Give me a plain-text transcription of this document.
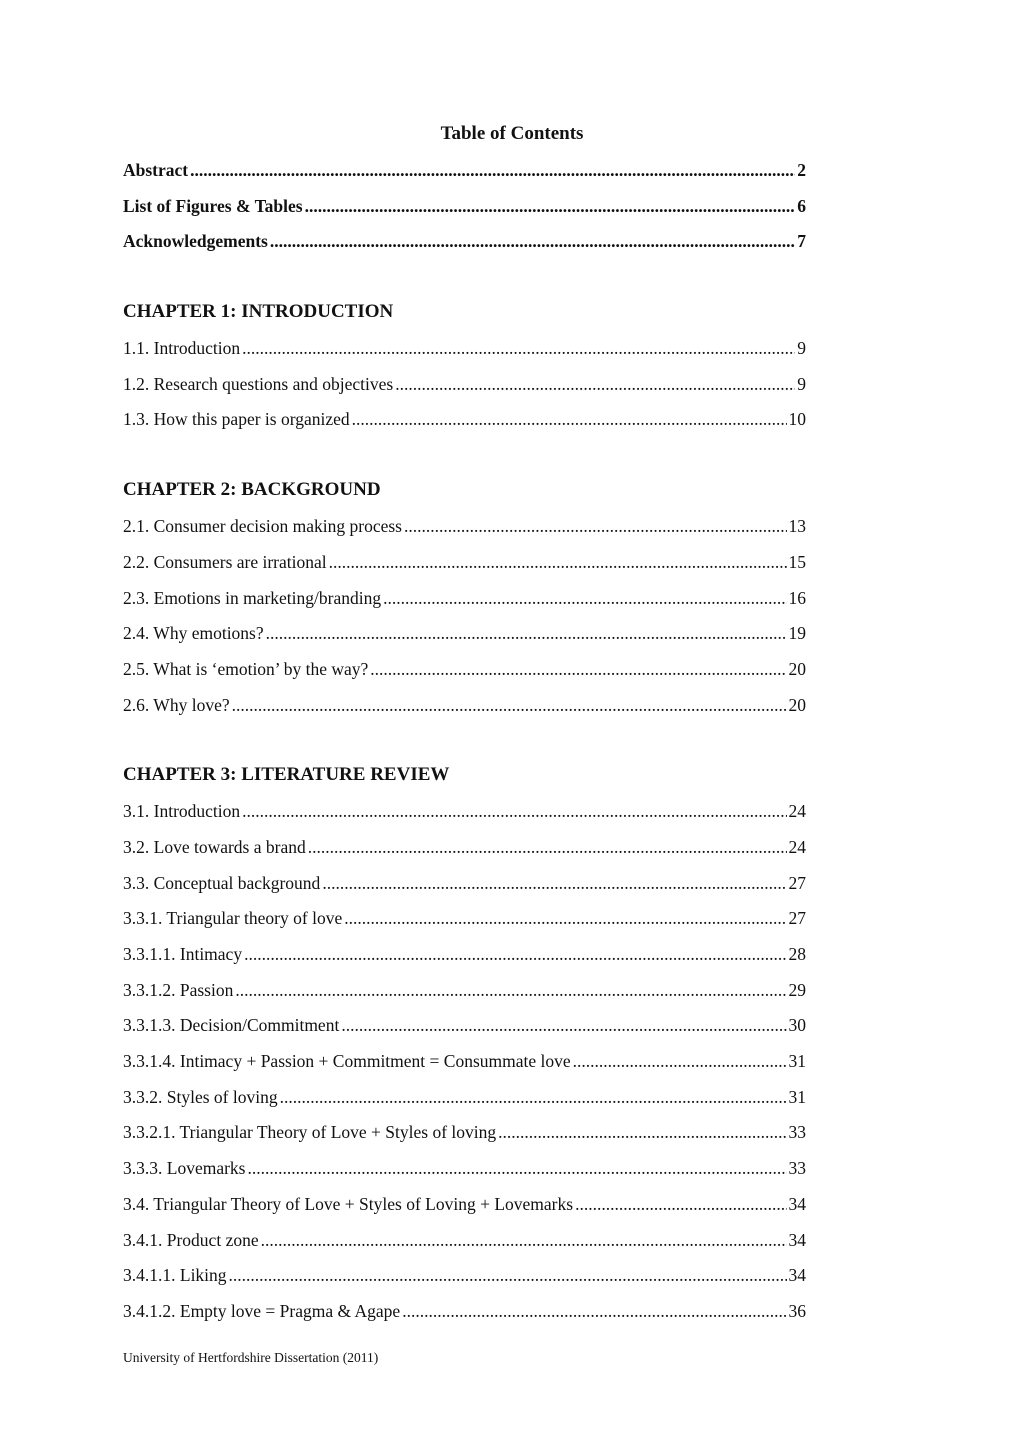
Table of Contents
Abstract .....	2
List of Figures & Tables .....	6
Acknowledgements .....	7
CHAPTER 1: INTRODUCTION
1.1. Introduction .....	9
1.2. Research questions and objectives .....	9
1.3. How this paper is organized .....	10
CHAPTER 2: BACKGROUND
2.1. Consumer decision making process .....	13
2.2. Consumers are irrational .....	15
2.3. Emotions in marketing/branding .....	16
2.4. Why emotions? .....	19
2.5. What is ‘emotion’ by the way? .....	20
2.6. Why love? .....	20
CHAPTER 3: LITERATURE REVIEW
3.1. Introduction .....	24
3.2. Love towards a brand .....	24
3.3. Conceptual background .....	27
3.3.1. Triangular theory of love .....	27
3.3.1.1. Intimacy .....	28
3.3.1.2. Passion .....	29
3.3.1.3. Decision/Commitment .....	30
3.3.1.4. Intimacy + Passion + Commitment = Consummate love .....	31
3.3.2. Styles of loving .....	31
3.3.2.1. Triangular Theory of Love + Styles of loving .....	33
3.3.3. Lovemarks .....	33
3.4. Triangular Theory of Love + Styles of Loving + Lovemarks .....	34
3.4.1. Product zone .....	34
3.4.1.1. Liking .....	34
3.4.1.2. Empty love = Pragma & Agape .....	36
University of Hertfordshire Dissertation (2011)
